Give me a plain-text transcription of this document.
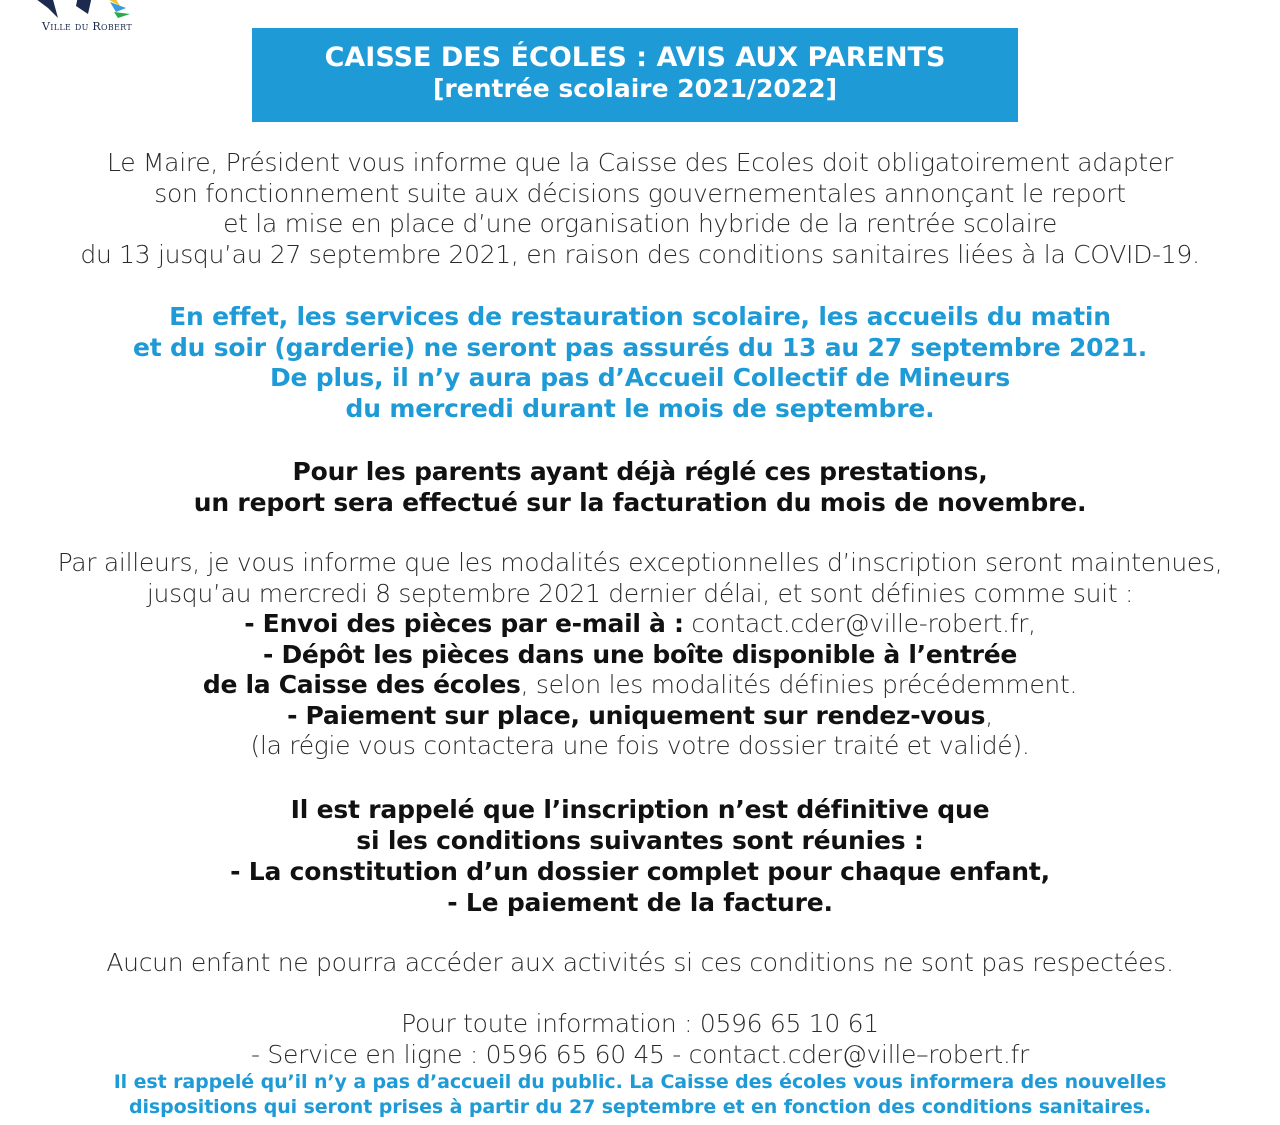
Ville du Robert
CAISSE DES ÉCOLES : AVIS AUX PARENTS
[rentrée scolaire 2021/2022]
Le Maire, Président vous informe que la Caisse des Ecoles doit obligatoirement adapter
son fonctionnement suite aux décisions gouvernementales annonçant le report
et la mise en place d’une organisation hybride de la rentrée scolaire
du 13 jusqu’au 27 septembre 2021, en raison des conditions sanitaires liées à la COVID-19.
En effet, les services de restauration scolaire, les accueils du matin
et du soir (garderie) ne seront pas assurés du 13 au 27 septembre 2021.
De plus, il n’y aura pas d’Accueil Collectif de Mineurs
du mercredi durant le mois de septembre.
Pour les parents ayant déjà réglé ces prestations,
un report sera effectué sur la facturation du mois de novembre.
Par ailleurs, je vous informe que les modalités exceptionnelles d’inscription seront maintenues,
jusqu’au mercredi 8 septembre 2021 dernier délai, et sont définies comme suit :
- Envoi des pièces par e-mail à : contact.cder@ville-robert.fr,
- Dépôt les pièces dans une boîte disponible à l’entrée
de la Caisse des écoles, selon les modalités définies précédemment.
- Paiement sur place, uniquement sur rendez-vous,
(la régie vous contactera une fois votre dossier traité et validé).
Il est rappelé que l’inscription n’est définitive que
si les conditions suivantes sont réunies :
- La constitution d’un dossier complet pour chaque enfant,
- Le paiement de la facture.
Aucun enfant ne pourra accéder aux activités si ces conditions ne sont pas respectées.
Pour toute information : 0596 65 10 61
- Service en ligne : 0596 65 60 45 - contact.cder@ville–robert.fr
Il est rappelé qu’il n’y a pas d’accueil du public. La Caisse des écoles vous informera des nouvelles
dispositions qui seront prises à partir du 27 septembre et en fonction des conditions sanitaires.
